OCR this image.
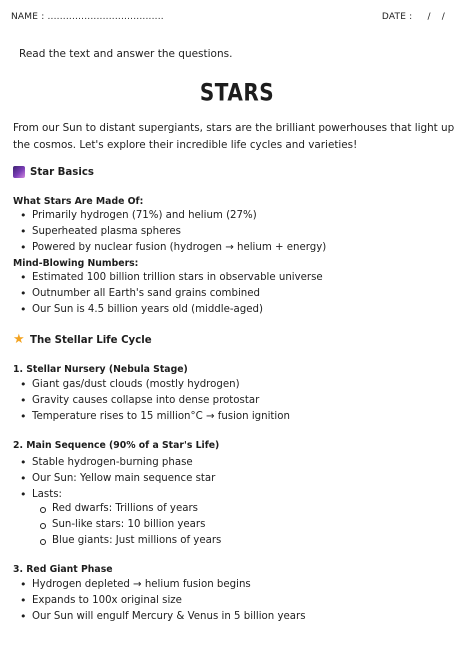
NAME : ......................................	DATE : / /
Read the text and answer the questions.
STARS
From our Sun to distant supergiants, stars are the brilliant powerhouses that light up the cosmos. Let's explore their incredible life cycles and varieties!
Star Basics
What Stars Are Made Of:
• Primarily hydrogen (71%) and helium (27%)
• Superheated plasma spheres
• Powered by nuclear fusion (hydrogen → helium + energy)
Mind-Blowing Numbers:
• Estimated 100 billion trillion stars in observable universe
• Outnumber all Earth's sand grains combined
• Our Sun is 4.5 billion years old (middle-aged)
★ The Stellar Life Cycle
1. Stellar Nursery (Nebula Stage)
• Giant gas/dust clouds (mostly hydrogen)
• Gravity causes collapse into dense protostar
• Temperature rises to 15 million°C → fusion ignition
2. Main Sequence (90% of a Star's Life)
• Stable hydrogen-burning phase
• Our Sun: Yellow main sequence star
• Lasts:
Red dwarfs: Trillions of years
Sun-like stars: 10 billion years
Blue giants: Just millions of years
3. Red Giant Phase
• Hydrogen depleted → helium fusion begins
• Expands to 100x original size
• Our Sun will engulf Mercury & Venus in 5 billion years
